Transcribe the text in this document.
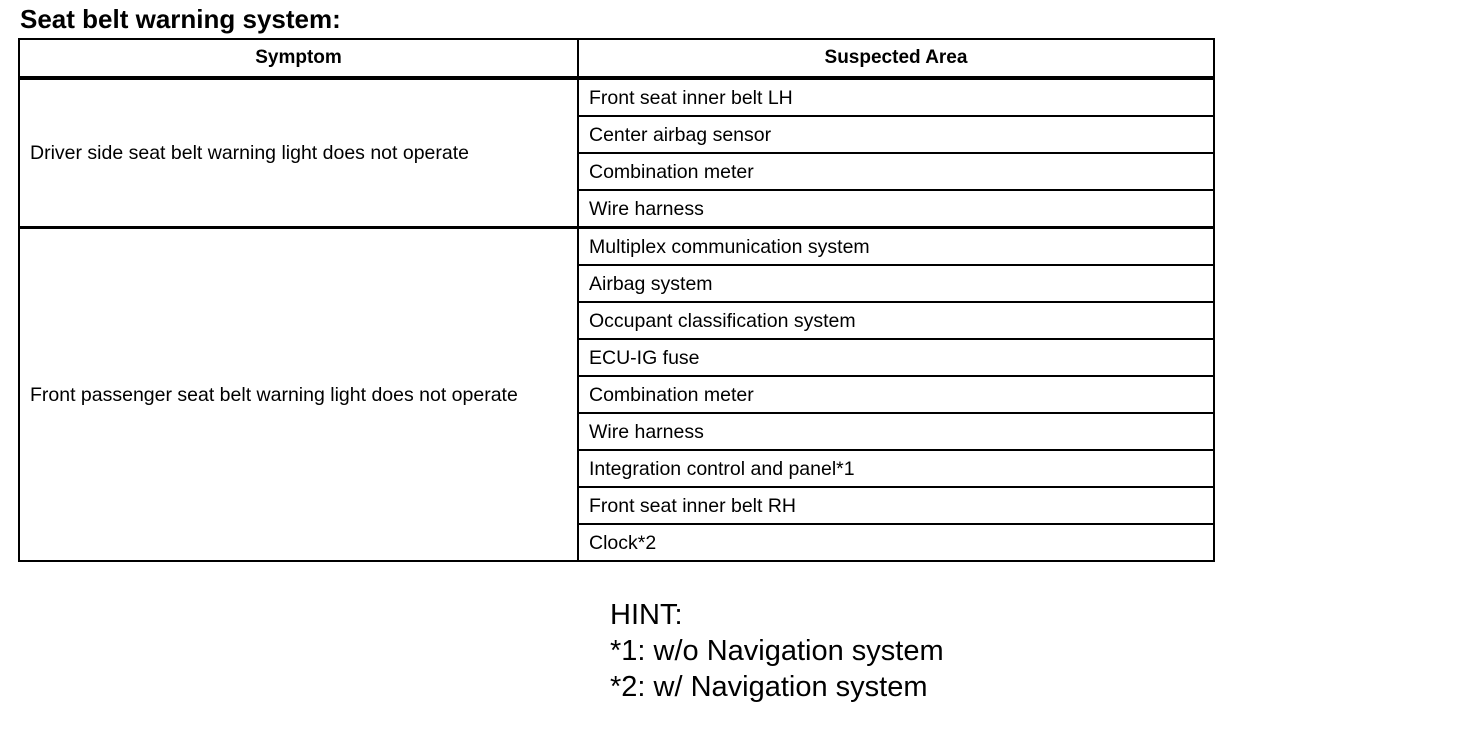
Seat belt warning system:
Symptom	Suspected Area
Driver side seat belt warning light does not operate	Front seat inner belt LH
	Center airbag sensor
	Combination meter
	Wire harness
Front passenger seat belt warning light does not operate	Multiplex communication system
	Airbag system
	Occupant classification system
	ECU-IG fuse
	Combination meter
	Wire harness
	Integration control and panel*1
	Front seat inner belt RH
	Clock*2
HINT:
*1: w/o Navigation system
*2: w/ Navigation system
